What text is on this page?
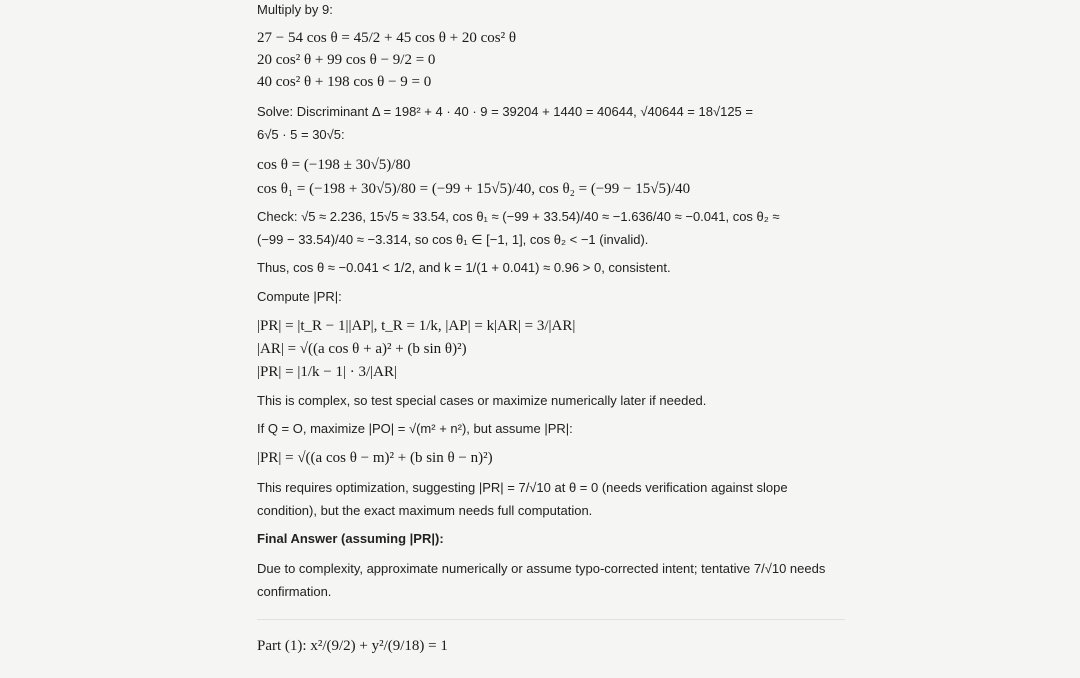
Multiply by 9:
27 − 54 cos θ = 45/2 + 45 cos θ + 20 cos² θ
20 cos² θ + 99 cos θ − 9/2 = 0
40 cos² θ + 198 cos θ − 9 = 0
Solve: Discriminant Δ = 198² + 4 · 40 · 9 = 39204 + 1440 = 40644, √40644 = 18√125 =
6√5 · 5 = 30√5:
cos θ = (−198 ± 30√5)/80
cos θ₁ = (−198 + 30√5)/80 = (−99 + 15√5)/40, cos θ₂ = (−99 − 15√5)/40
Check: √5 ≈ 2.236, 15√5 ≈ 33.54, cos θ₁ ≈ (−99 + 33.54)/40 ≈ −1.636/40 ≈ −0.041, cos θ₂ ≈
(−99 − 33.54)/40 ≈ −3.314, so cos θ₁ ∈ [−1, 1], cos θ₂ < −1 (invalid).
Thus, cos θ ≈ −0.041 < 1/2, and k = 1/(1 + 0.041) ≈ 0.96 > 0, consistent.
Compute |PR|:
|PR| = |t_R − 1||AP|, t_R = 1/k, |AP| = k|AR| = 3/|AR|
|AR| = √((a cos θ + a)² + (b sin θ)²)
|PR| = |1/k − 1| · 3/|AR|
This is complex, so test special cases or maximize numerically later if needed.
If Q = O, maximize |PO| = √(m² + n²), but assume |PR|:
|PR| = √((a cos θ − m)² + (b sin θ − n)²)
This requires optimization, suggesting |PR| = 7/√10 at θ = 0 (needs verification against slope
condition), but the exact maximum needs full computation.
Final Answer (assuming |PR|):
Due to complexity, approximate numerically or assume typo-corrected intent; tentative 7/√10 needs
confirmation.
Part (1): x²/(9/2) + y²/(9/18) = 1
